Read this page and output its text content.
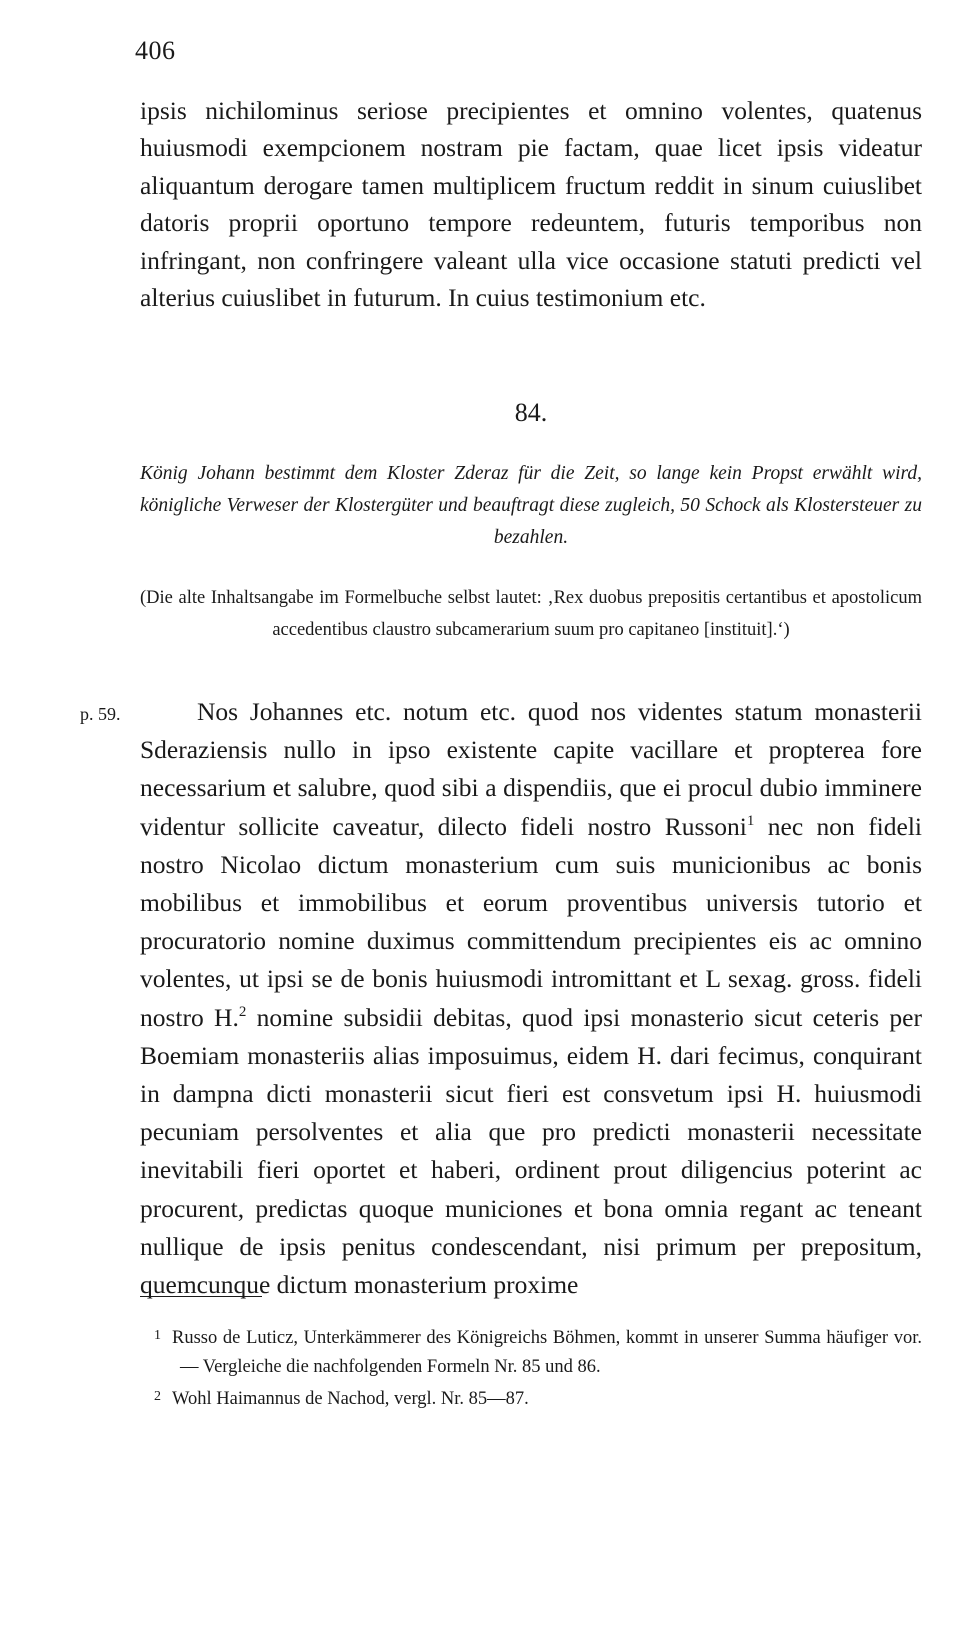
406

ipsis nichilominus seriose precipientes et omnino volentes, quatenus huiusmodi exempcionem nostram pie factam, quae licet ipsis videatur aliquantum derogare tamen multiplicem fructum reddit in sinum cuiuslibet datoris proprii oportuno tempore redeuntem, futuris temporibus non infringant, non confringere valeant ulla vice occasione statuti predicti vel alterius cuiuslibet in futurum. In cuius testimonium etc.

84.

König Johann bestimmt dem Kloster Zderaz für die Zeit, so lange kein Propst erwählt wird, königliche Verweser der Klostergüter und beauftragt diese zugleich, 50 Schock als Klostersteuer zu bezahlen.

(Die alte Inhaltsangabe im Formelbuche selbst lautet: ‚Rex duobus prepositis certantibus et apostolicum accedentibus claustro subcamerarium suum pro capitaneo [instituit].‘)

p. 59.	Nos Johannes etc. notum etc. quod nos videntes statum monasterii Sderaziensis nullo in ipso existente capite vacillare et propterea fore necessarium et salubre, quod sibi a dispendiis, que ei procul dubio imminere videntur sollicite caveatur, dilecto fideli nostro Russoni$^1$ nec non fideli nostro Nicolao dictum monasterium cum suis municionibus ac bonis mobilibus et immobilibus et eorum proventibus universis tutorio et procuratorio nomine duximus committendum precipientes eis ac omnino volentes, ut ipsi se de bonis huiusmodi intromittant et L sexag. gross. fideli nostro H.$^2$ nomine subsidii debitas, quod ipsi monasterio sicut ceteris per Boemiam monasteriis alias imposuimus, eidem H. dari fecimus, conquirant in dampna dicti monasterii sicut fieri est consvetum ipsi H. huiusmodi pecuniam persolventes et alia que pro predicti monasterii necessitate inevitabili fieri oportet et haberi, ordinent prout diligencius poterint ac procurent, predictas quoque municiones et bona omnia regant ac teneant nullique de ipsis penitus condescendant, nisi primum per prepositum, quemcunque dictum monasterium proxime

1 Russo de Luticz, Unterkämmerer des Königreichs Böhmen, kommt in unserer Summa häufiger vor. — Vergleiche die nachfolgenden Formeln Nr. 85 und 86.
2 Wohl Haimannus de Nachod, vergl. Nr. 85—87.
